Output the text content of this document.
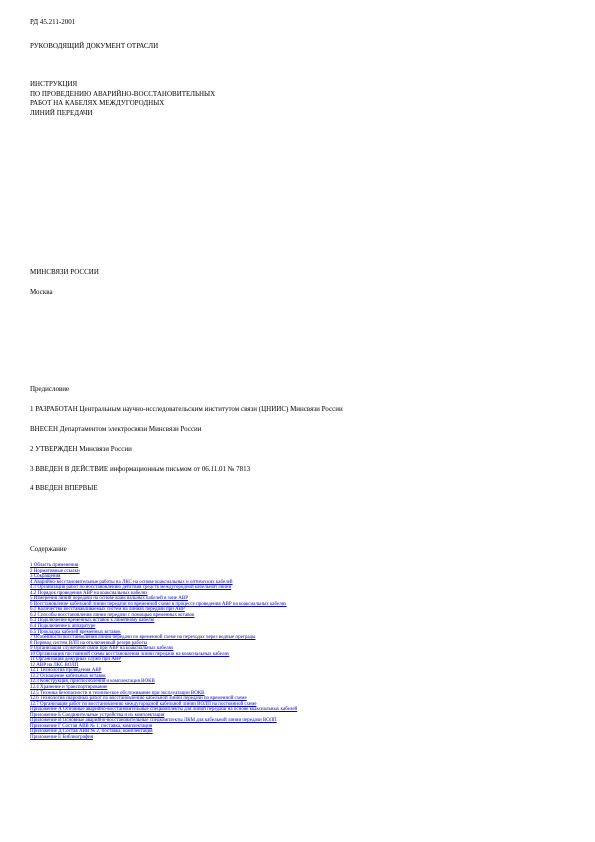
РД 45.211-2001
РУКОВОДЯЩИЙ ДОКУМЕНТ ОТРАСЛИ
ИНСТРУКЦИЯ
ПО ПРОВЕДЕНИЮ АВАРИЙНО-ВОССТАНОВИТЕЛЬНЫХ
РАБОТ НА КАБЕЛЯХ МЕЖДУГОРОДНЫХ
ЛИНИЙ ПЕРЕДАЧИ
МИНСВЯЗИ РОССИИ
Москва
Предисловие
1 РАЗРАБОТАН Центральным научно-исследовательским институтом связи (ЦНИИС) Минсвязи России
ВНЕСЕН Департаментом электросвязи Минсвязи России
2 УТВЕРЖДЕН Минсвязи России
3 ВВЕДЕН В ДЕЙСТВИЕ информационным письмом от 06.11.01 № 7813
4 ВВЕДЕН ВПЕРВЫЕ
Содержание
1 Область применения
2 Нормативные ссылки
3 Сокращения
4 Аварийно-восстановительные работы на ЛКС на основе коаксиальных и оптических кабелей
4.1 Организация работ по восстановлению действия средств междугородной кабельной линии
4.2 Порядок проведения АВР на коаксиальных кабелях
5 Измерения линий передачи на основе коаксиальных кабелей в зоне АВР
6 Восстановление кабельной линии передачи по временной схеме в процессе проведения АВР на коаксиальных кабелях
6.1 Количество восстанавливаемых систем на линиях передачи при АВР
6.2 Способы восстановления линии передачи с помощью временных вставок
6.3 Подключение временных вставок к линейному кабелю
6.4 Подключение к аппаратуре
6.5 Прокладка кабелей временных вставок
7 Особенности восстановления линии передачи по временной схеме на переходах через водные преграды
8 Перевод систем ВЛП на отключенный резерв работы
9 Организация служебной связи при АВР на коаксиальных кабелях
10 Организация постоянной схемы восстановления линии передачи на коаксиальных кабелях
11 Организация дежурных служб при АВР
12 АВР на ЛКС ВОЛП
12.1 Технология проведения АВР
12.2 Оснащение кабельных вставок
12.3 Конструкция, приспособления и комплектация ВОКВ
12.4 Хранение и транспортирование
12.5 Техника безопасности и техническое обслуживание при эксплуатации ВОКВ
12.6 Технология сварочных работ по восстановлению кабельной линии передачи по временной схеме
12.7 Организация работ по восстановлению междугородной кабельной линии ВОЛП на постоянной схеме
Приложение А Основные аварийно-восстановительные спецкомплекты для линий передачи на основе коаксиальных кабелей
Приложение Б Соединительные устройства и их комплектация
Приложение В Основные аварийно-восстановительные спецкомплекты ЛКМ для кабельной линии передачи ВОЛП
Приложение Г Состав АВВ № 1, поставка, комплектация
Приложение Д Состав АВВ № 2, поставка, комплектация
Приложение Е Библиография
